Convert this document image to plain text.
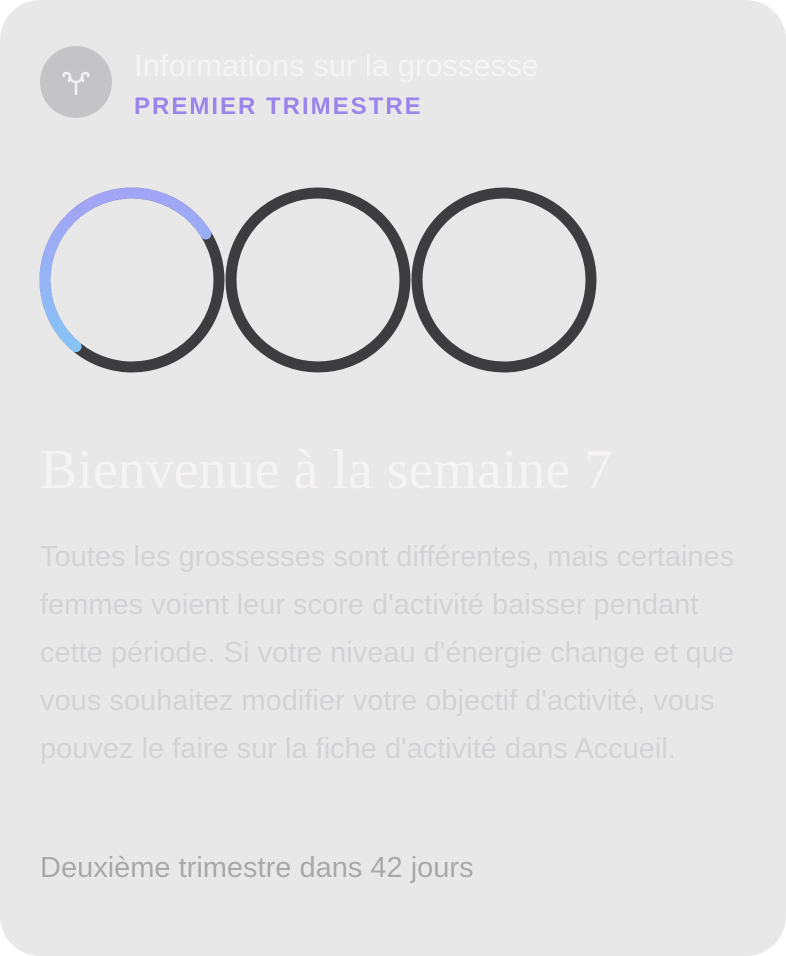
Informations sur la grossesse
PREMIER TRIMESTRE
Bienvenue à la semaine 7
Toutes les grossesses sont différentes, mais certaines femmes voient leur score d'activité baisser pendant cette période. Si votre niveau d'énergie change et que vous souhaitez modifier votre objectif d'activité, vous pouvez le faire sur la fiche d'activité dans Accueil.
Deuxième trimestre dans 42 jours
